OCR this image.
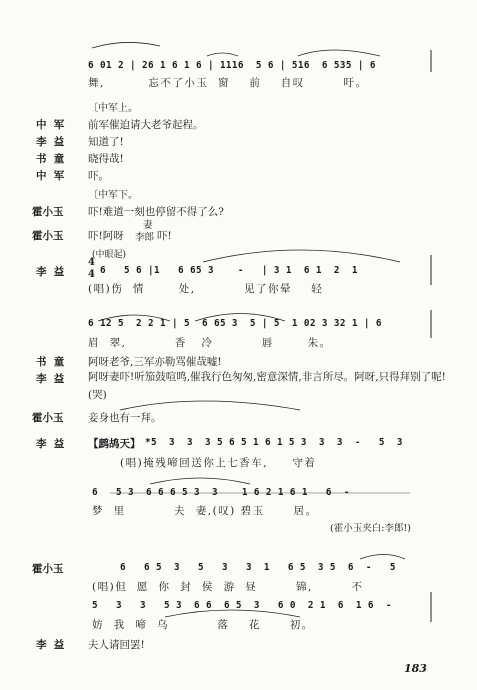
6 01 2 | 26 1 6 1 6 | 1116  5 6 | 516  6 535 | 6
舞,         忘不了小玉  窗    前    自叹        吁。
〔中军上。
中  军 前军催迫请大老爷起程。
李  益 知道了!
书  童 晓得哉!
中  军 吓。
〔中军下。
霍小玉 吓!难道一刻也停留不得了么?
霍小玉 吓!阿呀
妻
李郎 吓!
(中眼起)
李  益
4
4 6   5 6 |1   6 65 3    -   | 3 1  6 1  2  1
(唱)伤  情       处,          见了你晕    轻
6 12 5  2 2 1 | 5  6 65 3  5 | 5  1 02 3 32 1 | 6
眉  翠,          香   冷          唇       朱。
书  童 阿呀老爷,三军亦勒骂催哉嘘!
李  益 阿呀妻吓!听笳鼓喧鸣,催我行色匆匆,密意深情,非言所尽。阿呀,只得拜别了呢!(哭)
霍小玉 妾身也有一拜。
李  益 【鹧鸪天】 *5  3  3  3 5 6 5 1 6 1 5 3  3  3  -   5  3
(唱)掩残啼回送你上七香车,     守着
6   5 3  6 6 6 5 3  3    1 6 2 1 6 1   6  -
梦  里          夫  妻,(叹) 碧玉      居。
(霍小玉夹白:李郎!)
霍小玉	6   6 5  3   5   3   3  1   6 5  3 5  6  -   5
(唱)但  愿  你  封  侯  游  昼        锦,        不
5   3   3   5 3  6 6  6 5  3   6 0  2 1  6  1 6  -
妨  我  啼  乌          落    花      初。
李  益 夫人请回罢!
183
